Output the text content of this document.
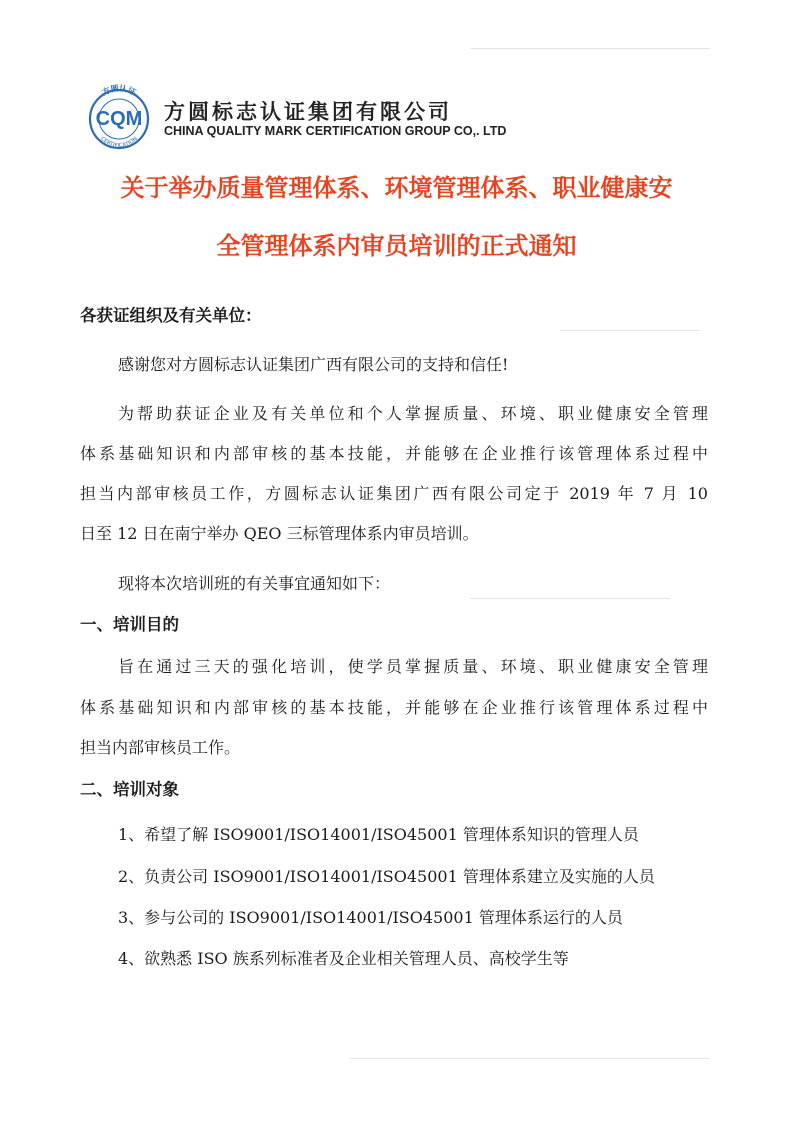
方圆认证
CERTIFICATION
CQM 方圆标志认证集团有限公司
CHINA QUALITY MARK CERTIFICATION GROUP CO,. LTD
关于举办质量管理体系、环境管理体系、职业健康安
全管理体系内审员培训的正式通知
各获证组织及有关单位：
感谢您对方圆标志认证集团广西有限公司的支持和信任!
为帮助获证企业及有关单位和个人掌握质量、环境、职业健康安全管理
体系基础知识和内部审核的基本技能，并能够在企业推行该管理体系过程中
担当内部审核员工作，方圆标志认证集团广西有限公司定于 2019 年 7 月 10
日至 12 日在南宁举办 QEO 三标管理体系内审员培训。
现将本次培训班的有关事宜通知如下：
一、培训目的
旨在通过三天的强化培训，使学员掌握质量、环境、职业健康安全管理
体系基础知识和内部审核的基本技能，并能够在企业推行该管理体系过程中
担当内部审核员工作。
二、培训对象
1、希望了解 ISO9001/ISO14001/ISO45001 管理体系知识的管理人员
2、负责公司 ISO9001/ISO14001/ISO45001 管理体系建立及实施的人员
3、参与公司的 ISO9001/ISO14001/ISO45001 管理体系运行的人员
4、欲熟悉 ISO 族系列标准者及企业相关管理人员、高校学生等
